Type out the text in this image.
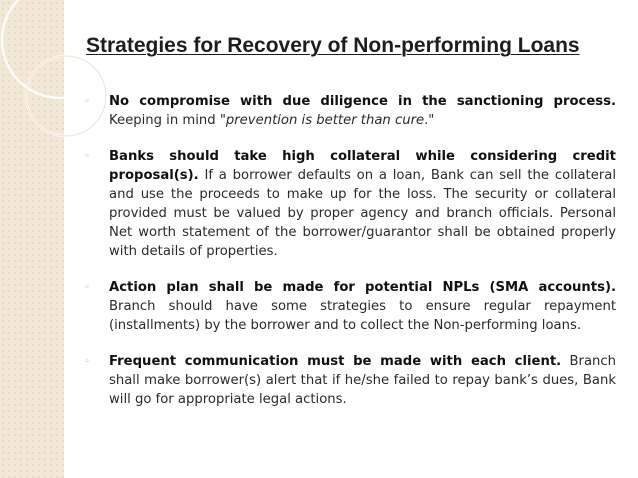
Strategies for Recovery of Non-performing Loans
◦	No compromise with due diligence in the sanctioning process. Keeping in mind "prevention is better than cure."
◦	Banks should take high collateral while considering credit proposal(s). If a borrower defaults on a loan, Bank can sell the collateral and use the proceeds to make up for the loss. The security or collateral provided must be valued by proper agency and branch officials. Personal Net worth statement of the borrower/guarantor shall be obtained properly with details of properties.
◦	Action plan shall be made for potential NPLs (SMA accounts). Branch should have some strategies to ensure regular repayment (installments) by the borrower and to collect the Non-performing loans.
◦	Frequent communication must be made with each client. Branch shall make borrower(s) alert that if he/she failed to repay bank’s dues, Bank will go for appropriate legal actions.
